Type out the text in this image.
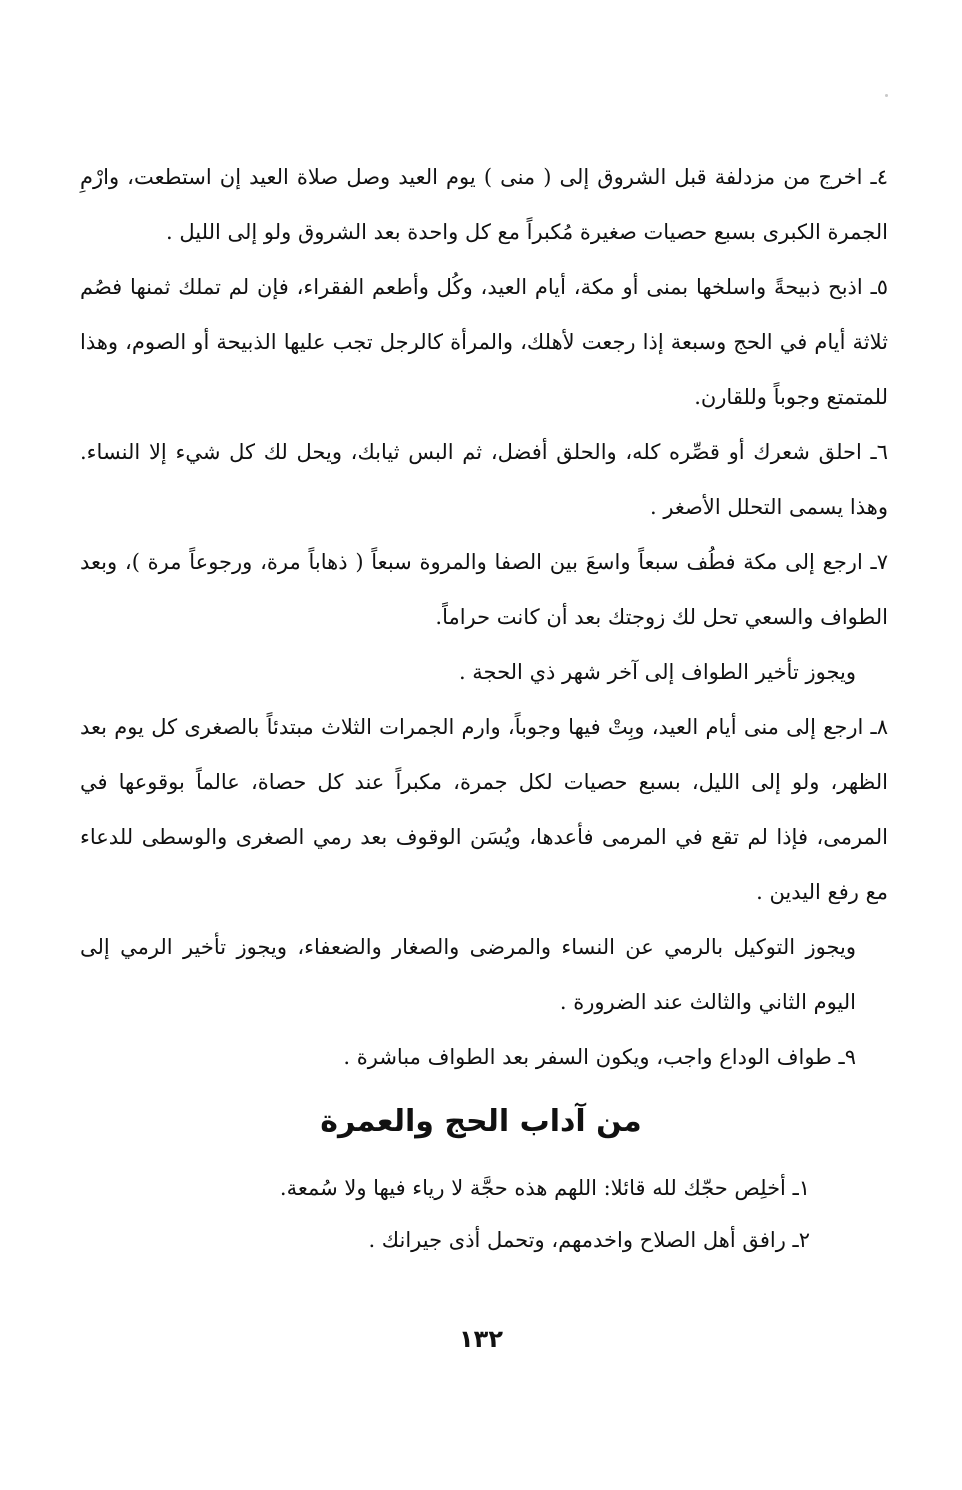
٤ـ اخرج من مزدلفة قبل الشروق إلى ( منى ) يوم العيد وصل صلاة العيد إن استطعت، وارْمِ الجمرة الكبرى بسبع حصيات صغيرة مُكبراً مع كل واحدة بعد الشروق ولو إلى الليل .

٥ـ اذبح ذبيحةً واسلخها بمنى أو مكة، أيام العيد، وكُل وأطعم الفقراء، فإن لم تملك ثمنها فصُم ثلاثة أيام في الحج وسبعة إذا رجعت لأهلك، والمرأة كالرجل تجب عليها الذبيحة أو الصوم، وهذا للمتمتع وجوباً وللقارن.

٦ـ احلق شعرك أو قصِّره كله، والحلق أفضل، ثم البس ثيابك، ويحل لك كل شيء إلا النساء. وهذا يسمى التحلل الأصغر .

٧ـ ارجع إلى مكة فطُف سبعاً واسعَ بين الصفا والمروة سبعاً ( ذهاباً مرة، ورجوعاً مرة )، وبعد الطواف والسعي تحل لك زوجتك بعد أن كانت حراماً.

ويجوز تأخير الطواف إلى آخر شهر ذي الحجة .

٨ـ ارجع إلى منى أيام العيد، وبِتْ فيها وجوباً، وارم الجمرات الثلاث مبتدئاً بالصغرى كل يوم بعد الظهر، ولو إلى الليل، بسبع حصيات لكل جمرة، مكبراً عند كل حصاة، عالماً بوقوعها في المرمى، فإذا لم تقع في المرمى فأعدها، ويُسَن الوقوف بعد رمي الصغرى والوسطى للدعاء مع رفع اليدين .

ويجوز التوكيل بالرمي عن النساء والمرضى والصغار والضعفاء، ويجوز تأخير الرمي إلى اليوم الثاني والثالث عند الضرورة .

٩ـ طواف الوداع واجب، ويكون السفر بعد الطواف مباشرة .

من آداب الحج والعمرة

١ـ أخلِص حجّك لله قائلا: اللهم هذه حجَّة لا رياء فيها ولا سُمعة.

٢ـ رافق أهل الصلاح واخدمهم، وتحمل أذى جيرانك .

١٣٢
